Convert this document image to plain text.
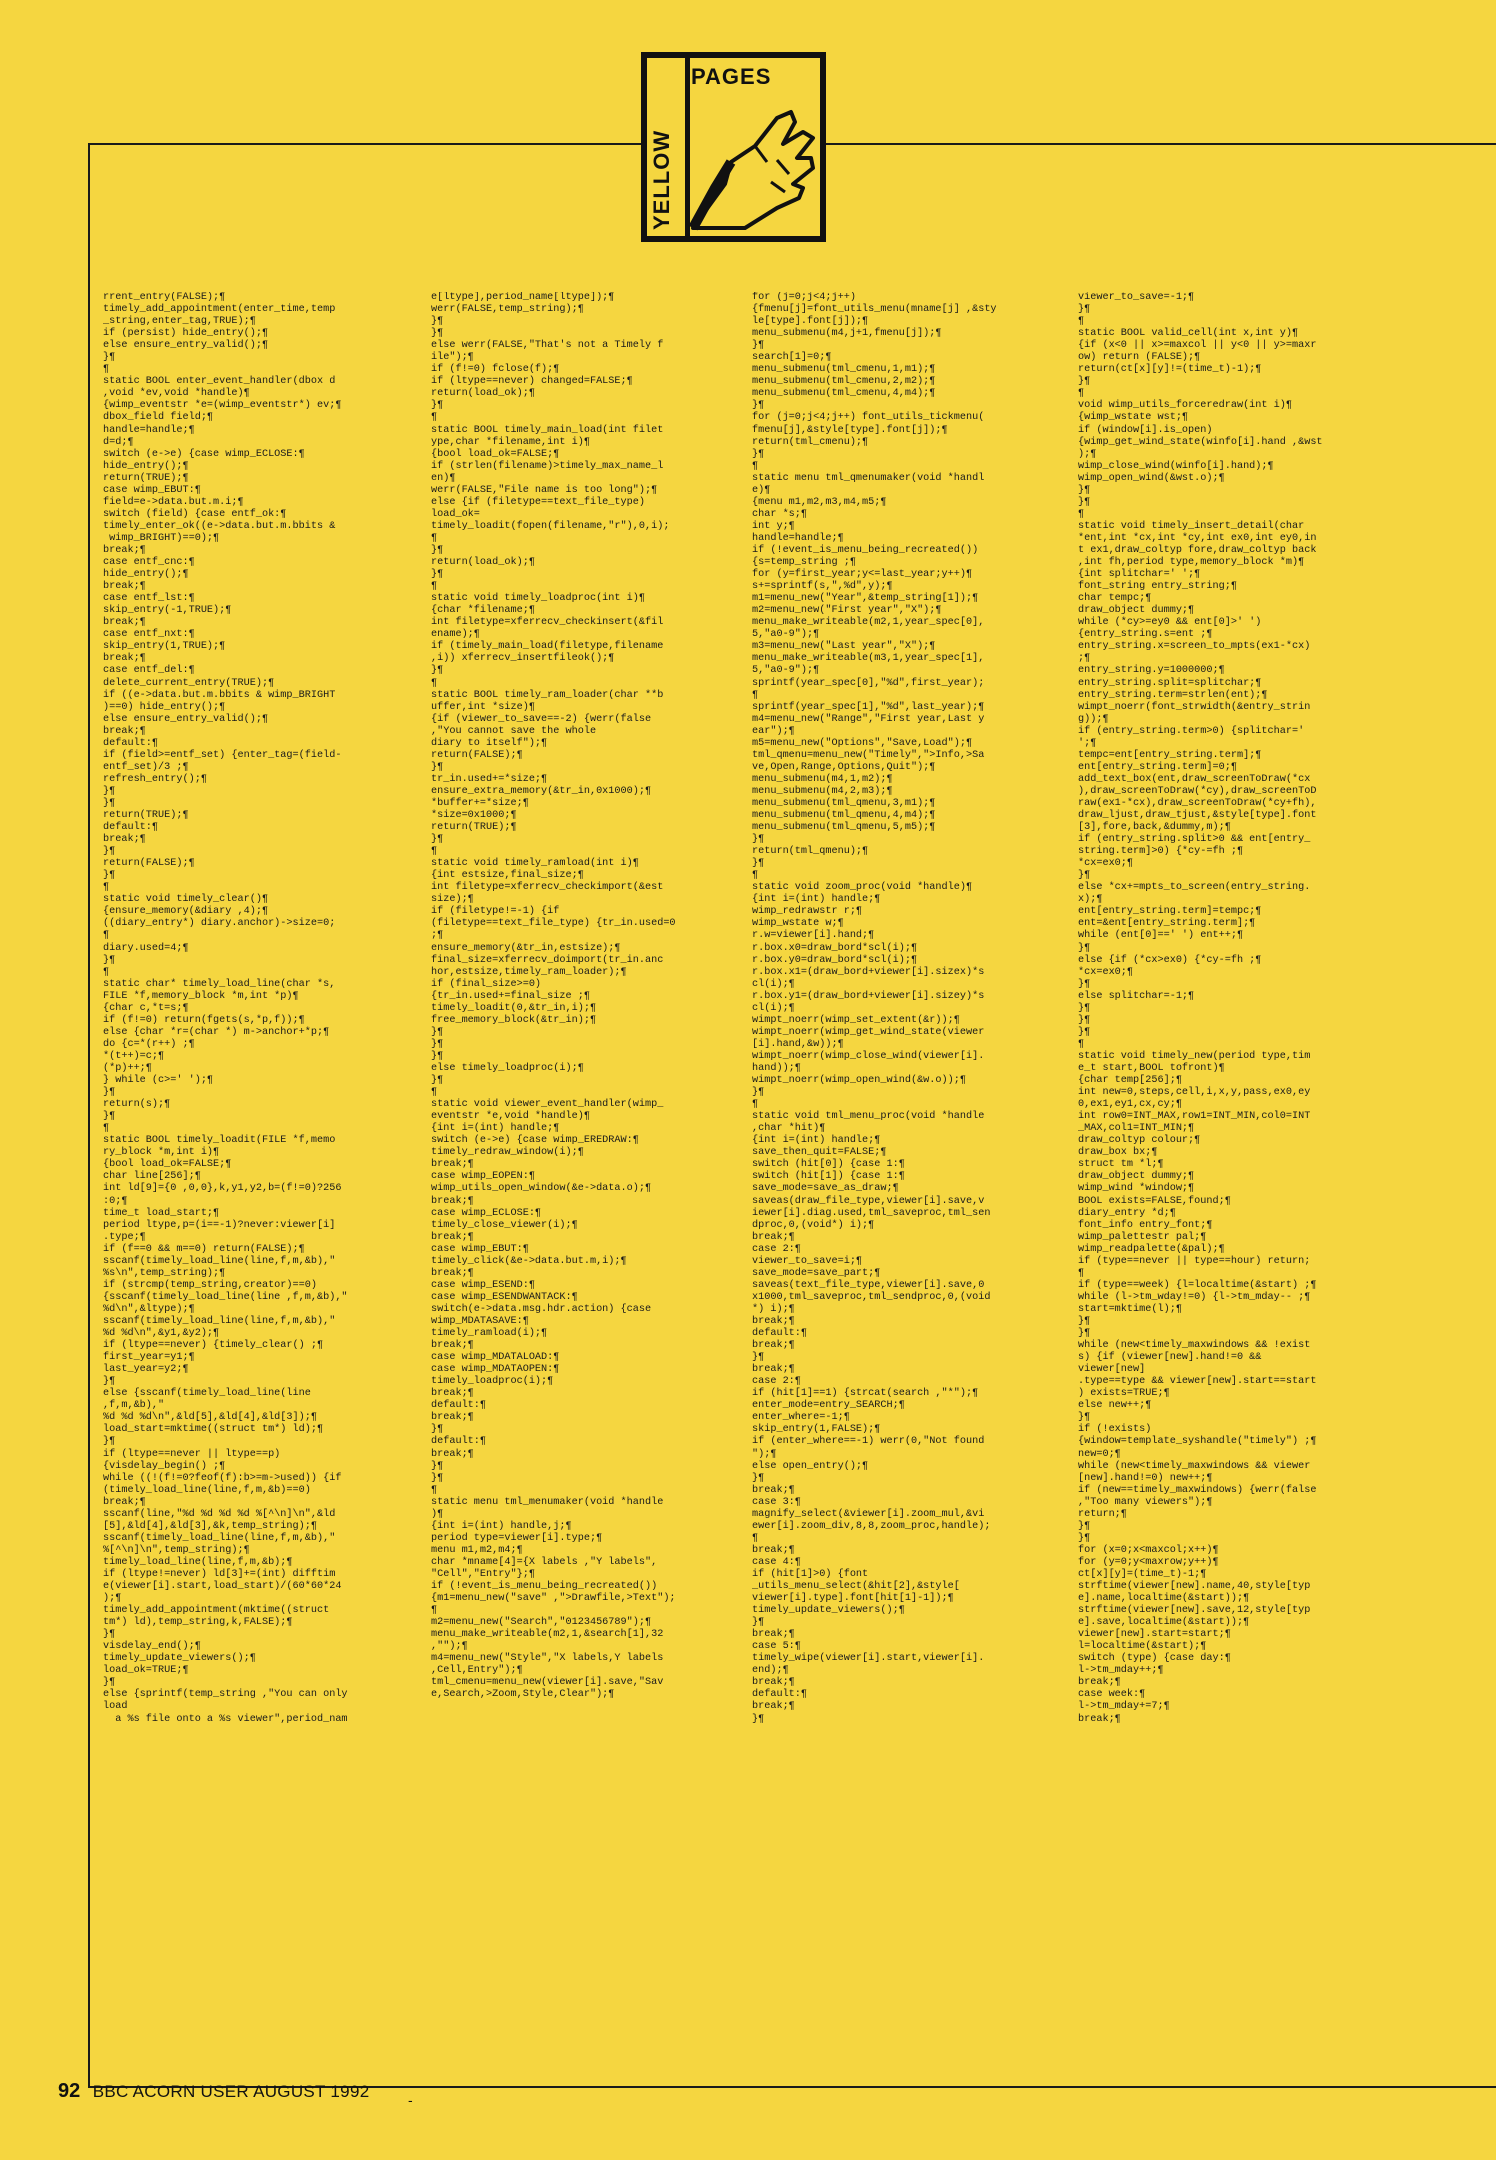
YELLOW
PAGES
rrent_entry(FALSE);¶
timely_add_appointment(enter_time,temp
_string,enter_tag,TRUE);¶
if (persist) hide_entry();¶
else ensure_entry_valid();¶
}¶
¶
static BOOL enter_event_handler(dbox d
,void *ev,void *handle)¶
{wimp_eventstr *e=(wimp_eventstr*) ev;¶
dbox_field field;¶
handle=handle;¶
d=d;¶
switch (e->e) {case wimp_ECLOSE:¶
hide_entry();¶
return(TRUE);¶
case wimp_EBUT:¶
field=e->data.but.m.i;¶
switch (field) {case entf_ok:¶
timely_enter_ok((e->data.but.m.bbits &
wimp_BRIGHT)==0);¶
break;¶
case entf_cnc:¶
hide_entry();¶
break;¶
case entf_lst:¶
skip_entry(-1,TRUE);¶
break;¶
case entf_nxt:¶
skip_entry(1,TRUE);¶
break;¶
case entf_del:¶
delete_current_entry(TRUE);¶
if ((e->data.but.m.bbits & wimp_BRIGHT
)==0) hide_entry();¶
else ensure_entry_valid();¶
break;¶
default:¶
if (field>=entf_set) {enter_tag=(field-
entf_set)/3 ;¶
refresh_entry();¶
}¶
}¶
return(TRUE);¶
default:¶
break;¶
}¶
return(FALSE);¶
}¶
¶
static void timely_clear()¶
{ensure_memory(&diary ,4);¶
((diary_entry*) diary.anchor)->size=0;
¶
diary.used=4;¶
}¶
¶
static char* timely_load_line(char *s,
FILE *f,memory_block *m,int *p)¶
{char c,*t=s;¶
if (f!=0) return(fgets(s,*p,f));¶
else {char *r=(char *) m->anchor+*p;¶
do {c=*(r++) ;¶
*(t++)=c;¶
(*p)++;¶
} while (c>=' ');¶
}¶
return(s);¶
}¶
¶
static BOOL timely_loadit(FILE *f,memo
ry_block *m,int i)¶
{bool load_ok=FALSE;¶
char line[256];¶
int ld[9]={0 ,0,0},k,y1,y2,b=(f!=0)?256
:0;¶
time_t load_start;¶
period ltype,p=(i==-1)?never:viewer[i]
.type;¶
if (f==0 && m==0) return(FALSE);¶
sscanf(timely_load_line(line,f,m,&b),"
%s\n",temp_string);¶
if (strcmp(temp_string,creator)==0)
{sscanf(timely_load_line(line ,f,m,&b),"
%d\n",&ltype);¶
sscanf(timely_load_line(line,f,m,&b),"
%d %d\n",&y1,&y2);¶
if (ltype==never) {timely_clear() ;¶
first_year=y1;¶
last_year=y2;¶
}¶
else {sscanf(timely_load_line(line
,f,m,&b),"
%d %d %d\n",&ld[5],&ld[4],&ld[3]);¶
load_start=mktime((struct tm*) ld);¶
}¶
if (ltype==never || ltype==p)
{visdelay_begin() ;¶
while ((!(f!=0?feof(f):b>=m->used)) {if
(timely_load_line(line,f,m,&b)==0)
break;¶
sscanf(line,"%d %d %d %d %[^\n]\n",&ld
[5],&ld[4],&ld[3],&k,temp_string);¶
sscanf(timely_load_line(line,f,m,&b),"
%[^\n]\n",temp_string);¶
timely_load_line(line,f,m,&b);¶
if (ltype!=never) ld[3]+=(int) difftim
e(viewer[i].start,load_start)/(60*60*24
);¶
timely_add_appointment(mktime((struct
tm*) ld),temp_string,k,FALSE);¶
}¶
visdelay_end();¶
timely_update_viewers();¶
load_ok=TRUE;¶
}¶
else {sprintf(temp_string ,"You can only
load
a %s file onto a %s viewer",period_nam
e[ltype],period_name[ltype]);¶
werr(FALSE,temp_string);¶
}¶
}¶
else werr(FALSE,"That's not a Timely f
ile");¶
if (f!=0) fclose(f);¶
if (ltype==never) changed=FALSE;¶
return(load_ok);¶
}¶
¶
static BOOL timely_main_load(int filet
ype,char *filename,int i)¶
{bool load_ok=FALSE;¶
if (strlen(filename)>timely_max_name_l
en)¶
werr(FALSE,"File name is too long");¶
else {if (filetype==text_file_type)
load_ok=
timely_loadit(fopen(filename,"r"),0,i);
¶
}¶
return(load_ok);¶
}¶
¶
static void timely_loadproc(int i)¶
{char *filename;¶
int filetype=xferrecv_checkinsert(&fil
ename);¶
if (timely_main_load(filetype,filename
,i)) xferrecv_insertfileok();¶
}¶
¶
static BOOL timely_ram_loader(char **b
uffer,int *size)¶
{if (viewer_to_save==-2) {werr(false
,"You cannot save the whole
diary to itself");¶
return(FALSE);¶
}¶
tr_in.used+=*size;¶
ensure_extra_memory(&tr_in,0x1000);¶
*buffer+=*size;¶
*size=0x1000;¶
return(TRUE);¶
}¶
¶
static void timely_ramload(int i)¶
{int estsize,final_size;¶
int filetype=xferrecv_checkimport(&est
size);¶
if (filetype!=-1) {if
(filetype==text_file_type) {tr_in.used=0
;¶
ensure_memory(&tr_in,estsize);¶
final_size=xferrecv_doimport(tr_in.anc
hor,estsize,timely_ram_loader);¶
if (final_size>=0)
{tr_in.used+=final_size ;¶
timely_loadit(0,&tr_in,i);¶
free_memory_block(&tr_in);¶
}¶
}¶
}¶
else timely_loadproc(i);¶
}¶
¶
static void viewer_event_handler(wimp_
eventstr *e,void *handle)¶
{int i=(int) handle;¶
switch (e->e) {case wimp_EREDRAW:¶
timely_redraw_window(i);¶
break;¶
case wimp_EOPEN:¶
wimp_utils_open_window(&e->data.o);¶
break;¶
case wimp_ECLOSE:¶
timely_close_viewer(i);¶
break;¶
case wimp_EBUT:¶
timely_click(&e->data.but.m,i);¶
break;¶
case wimp_ESEND:¶
case wimp_ESENDWANTACK:¶
switch(e->data.msg.hdr.action) {case
wimp_MDATASAVE:¶
timely_ramload(i);¶
break;¶
case wimp_MDATALOAD:¶
case wimp_MDATAOPEN:¶
timely_loadproc(i);¶
break;¶
default:¶
break;¶
}¶
default:¶
break;¶
}¶
}¶
¶
static menu tml_menumaker(void *handle
)¶
{int i=(int) handle,j;¶
period type=viewer[i].type;¶
menu m1,m2,m4;¶
char *mname[4]={X labels ,"Y labels",
"Cell","Entry"};¶
if (!event_is_menu_being_recreated())
{m1=menu_new("save" ,">Drawfile,>Text");
¶
m2=menu_new("Search","0123456789");¶
menu_make_writeable(m2,1,&search[1],32
,"");¶
m4=menu_new("Style","X labels,Y labels
,Cell,Entry");¶
tml_cmenu=menu_new(viewer[i].save,"Sav
e,Search,>Zoom,Style,Clear");¶
for (j=0;j<4;j++)
{fmenu[j]=font_utils_menu(mname[j] ,&sty
le[type].font[j]);¶
menu_submenu(m4,j+1,fmenu[j]);¶
}¶
search[1]=0;¶
menu_submenu(tml_cmenu,1,m1);¶
menu_submenu(tml_cmenu,2,m2);¶
menu_submenu(tml_cmenu,4,m4);¶
}¶
for (j=0;j<4;j++) font_utils_tickmenu(
fmenu[j],&style[type].font[j]);¶
return(tml_cmenu);¶
}¶
¶
static menu tml_qmenumaker(void *handl
e)¶
{menu m1,m2,m3,m4,m5;¶
char *s;¶
int y;¶
handle=handle;¶
if (!event_is_menu_being_recreated())
{s=temp_string ;¶
for (y=first_year;y<=last_year;y++)¶
s+=sprintf(s,",%d",y);¶
m1=menu_new("Year",&temp_string[1]);¶
m2=menu_new("First year","X");¶
menu_make_writeable(m2,1,year_spec[0],
5,"a0-9");¶
m3=menu_new("Last year","X");¶
menu_make_writeable(m3,1,year_spec[1],
5,"a0-9");¶
sprintf(year_spec[0],"%d",first_year);
¶
sprintf(year_spec[1],"%d",last_year);¶
m4=menu_new("Range","First year,Last y
ear");¶
m5=menu_new("Options","Save,Load");¶
tml_qmenu=menu_new("Timely",">Info,>Sa
ve,Open,Range,Options,Quit");¶
menu_submenu(m4,1,m2);¶
menu_submenu(m4,2,m3);¶
menu_submenu(tml_qmenu,3,m1);¶
menu_submenu(tml_qmenu,4,m4);¶
menu_submenu(tml_qmenu,5,m5);¶
}¶
return(tml_qmenu);¶
}¶
¶
static void zoom_proc(void *handle)¶
{int i=(int) handle;¶
wimp_redrawstr r;¶
wimp_wstate w;¶
r.w=viewer[i].hand;¶
r.box.x0=draw_bord*scl(i);¶
r.box.y0=draw_bord*scl(i);¶
r.box.x1=(draw_bord+viewer[i].sizex)*s
cl(i);¶
r.box.y1=(draw_bord+viewer[i].sizey)*s
cl(i);¶
wimpt_noerr(wimp_set_extent(&r));¶
wimpt_noerr(wimp_get_wind_state(viewer
[i].hand,&w));¶
wimpt_noerr(wimp_close_wind(viewer[i].
hand));¶
wimpt_noerr(wimp_open_wind(&w.o));¶
}¶
¶
static void tml_menu_proc(void *handle
,char *hit)¶
{int i=(int) handle;¶
save_then_quit=FALSE;¶
switch (hit[0]) {case 1:¶
switch (hit[1]) {case 1:¶
save_mode=save_as_draw;¶
saveas(draw_file_type,viewer[i].save,v
iewer[i].diag.used,tml_saveproc,tml_sen
dproc,0,(void*) i);¶
break;¶
case 2:¶
viewer_to_save=i;¶
save_mode=save_part;¶
saveas(text_file_type,viewer[i].save,0
x1000,tml_saveproc,tml_sendproc,0,(void
*) i);¶
break;¶
default:¶
break;¶
}¶
break;¶
case 2:¶
if (hit[1]==1) {strcat(search ,"*");¶
enter_mode=entry_SEARCH;¶
enter_where=-1;¶
skip_entry(1,FALSE);¶
if (enter_where==-1) werr(0,"Not found
");¶
else open_entry();¶
}¶
break;¶
case 3:¶
magnify_select(&viewer[i].zoom_mul,&vi
ewer[i].zoom_div,8,8,zoom_proc,handle);
¶
break;¶
case 4:¶
if (hit[1]>0) {font
_utils_menu_select(&hit[2],&style[
viewer[i].type].font[hit[1]-1]);¶
timely_update_viewers();¶
}¶
break;¶
case 5:¶
timely_wipe(viewer[i].start,viewer[i].
end);¶
break;¶
default:¶
break;¶
}¶
viewer_to_save=-1;¶
}¶
¶
static BOOL valid_cell(int x,int y)¶
{if (x<0 || x>=maxcol || y<0 || y>=maxr
ow) return (FALSE);¶
return(ct[x][y]!=(time_t)-1);¶
}¶
¶
void wimp_utils_forceredraw(int i)¶
{wimp_wstate wst;¶
if (window[i].is_open)
{wimp_get_wind_state(winfo[i].hand ,&wst
);¶
wimp_close_wind(winfo[i].hand);¶
wimp_open_wind(&wst.o);¶
}¶
}¶
¶
static void timely_insert_detail(char
*ent,int *cx,int *cy,int ex0,int ey0,in
t ex1,draw_coltyp fore,draw_coltyp back
,int fh,period type,memory_block *m)¶
{int splitchar=' ';¶
font_string entry_string;¶
char tempc;¶
draw_object dummy;¶
while (*cy>=ey0 && ent[0]>' ')
{entry_string.s=ent ;¶
entry_string.x=screen_to_mpts(ex1-*cx)
;¶
entry_string.y=1000000;¶
entry_string.split=splitchar;¶
entry_string.term=strlen(ent);¶
wimpt_noerr(font_strwidth(&entry_strin
g));¶
if (entry_string.term>0) {splitchar='
';¶
tempc=ent[entry_string.term];¶
ent[entry_string.term]=0;¶
add_text_box(ent,draw_screenToDraw(*cx
),draw_screenToDraw(*cy),draw_screenToD
raw(ex1-*cx),draw_screenToDraw(*cy+fh),
draw_ljust,draw_tjust,&style[type].font
[3],fore,back,&dummy,m);¶
if (entry_string.split>0 && ent[entry_
string.term]>0) {*cy-=fh ;¶
*cx=ex0;¶
}¶
else *cx+=mpts_to_screen(entry_string.
x);¶
ent[entry_string.term]=tempc;¶
ent=&ent[entry_string.term];¶
while (ent[0]==' ') ent++;¶
}¶
else {if (*cx>ex0) {*cy-=fh ;¶
*cx=ex0;¶
}¶
else splitchar=-1;¶
}¶
}¶
}¶
¶
static void timely_new(period type,tim
e_t start,BOOL tofront)¶
{char temp[256];¶
int new=0,steps,cell,i,x,y,pass,ex0,ey
0,ex1,ey1,cx,cy;¶
int row0=INT_MAX,row1=INT_MIN,col0=INT
_MAX,col1=INT_MIN;¶
draw_coltyp colour;¶
draw_box bx;¶
struct tm *l;¶
draw_object dummy;¶
wimp_wind *window;¶
BOOL exists=FALSE,found;¶
diary_entry *d;¶
font_info entry_font;¶
wimp_palettestr pal;¶
wimp_readpalette(&pal);¶
if (type==never || type==hour) return;
¶
if (type==week) {l=localtime(&start) ;¶
while (l->tm_wday!=0) {l->tm_mday-- ;¶
start=mktime(l);¶
}¶
}¶
while (new<timely_maxwindows && !exist
s) {if (viewer[new].hand!=0 &&
viewer[new]
.type==type && viewer[new].start==start
) exists=TRUE;¶
else new++;¶
}¶
if (!exists)
{window=template_syshandle("timely") ;¶
new=0;¶
while (new<timely_maxwindows && viewer
[new].hand!=0) new++;¶
if (new==timely_maxwindows) {werr(false
,"Too many viewers");¶
return;¶
}¶
}¶
for (x=0;x<maxcol;x++)¶
for (y=0;y<maxrow;y++)¶
ct[x][y]=(time_t)-1;¶
strftime(viewer[new].name,40,style[typ
e].name,localtime(&start));¶
strftime(viewer[new].save,12,style[typ
e].save,localtime(&start));¶
viewer[new].start=start;¶
l=localtime(&start);¶
switch (type) {case day:¶
l->tm_mday++;¶
break;¶
case week:¶
l->tm_mday+=7;¶
break;¶
92 BBC ACORN USER AUGUST 1992	-
